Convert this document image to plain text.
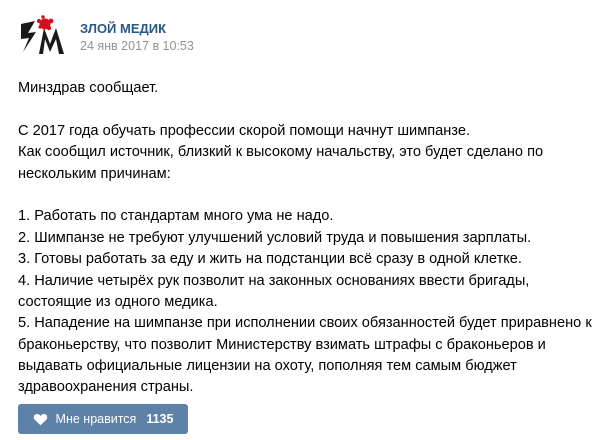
ЗЛОЙ МЕДИК
24 янв 2017 в 10:53
Минздрав сообщает.
С 2017 года обучать профессии скорой помощи начнут шимпанзе.
Как сообщил источник, близкий к высокому начальству, это будет сделано по
нескольким причинам:
1. Работать по стандартам много ума не надо.
2. Шимпанзе не требуют улучшений условий труда и повышения зарплаты.
3. Готовы работать за еду и жить на подстанции всё сразу в одной клетке.
4. Наличие четырёх рук позволит на законных основаниях ввести бригады,
состоящие из одного медика.
5. Нападение на шимпанзе при исполнении своих обязанностей будет приравнено к
браконьерству, что позволит Министерству взимать штрафы с браконьеров и
выдавать официальные лицензии на охоту, пополняя тем самым бюджет
здравоохранения страны.
Мне нравится 1135
